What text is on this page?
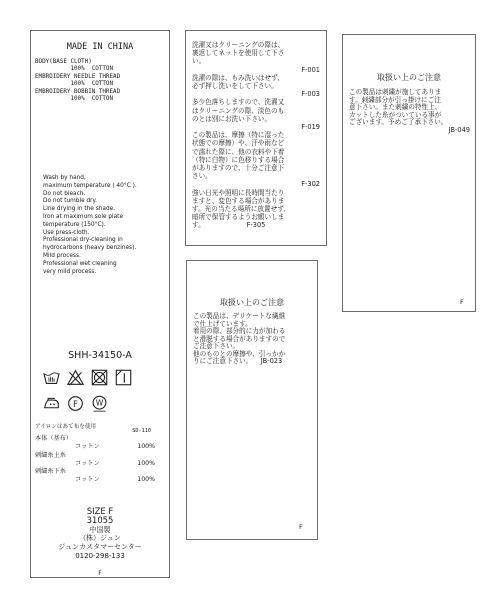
MADE IN CHINA
BODY(BASE CLOTH)
100%  COTTON
EMBROIDERY NEEDLE THREAD
100%  COTTON
EMBROIDERY BOBBIN THREAD
100%  COTTON
Wash by hand,
maximum temperature ( 40°C ).
Do not bleach.
Do not tumble dry.
Line drying in the shade.
Iron at maximum sole plate
temperature (150°C).
Use press-cloth.
Professional dry-cleaning in
hydrocarbons (heavy benzines).
Mild process.
Professional wet cleaning
very mild process.
SHH-34150-A
F W
アイロンはあて布を使用
SD-110
本体（基布）
コットン	100%
刺繍糸上糸
コットン	100%
刺繍糸下糸
コットン	100%
SIZE F
31055
中国製
（株）ジュン
ジュンカスタマーセンター
0120-298-133
F
洗濯又はクリーニングの際は、
裏返してネットを使用して下さ
い。
F-001
洗濯の際は、もみ洗いはせず、
必ず押し洗いをして下さい。
F-003
多少色落ちしますので、洗濯又
はクリーニングの際、淡色のも
のとは別にお洗い下さい。
F-019
この製品は、摩擦（特に湿った
状態での摩擦）や、汗や雨など
で濡れた際に、他の衣料や下着
（特に白物）に色移りする場合
がありますので、十分ご注意下
さい。
F-302
強い日光や照明に長時間当たり
ますと、変色する場合がありま
す。光の当たる場所に放置せず、
暗所で保管するようお願いしま
す。                    F-305
取扱い上のご注意
この製品は、デリケートな繊維
で仕上げています。
着用の際、部分的に力が加わる
と滑脱する場合がありますので
ご注意下さい。
他のものとの摩擦や、引っかか
りにご注意下さい。    JB-023
F
取扱い上のご注意
この製品は刺繍が施してありま
す。刺繍部分が引っ掛けにご注
意下さい。また刺繍の特性上、
カットした糸がついている事が
ございます。予めご了承下さい。
JB-049
F
